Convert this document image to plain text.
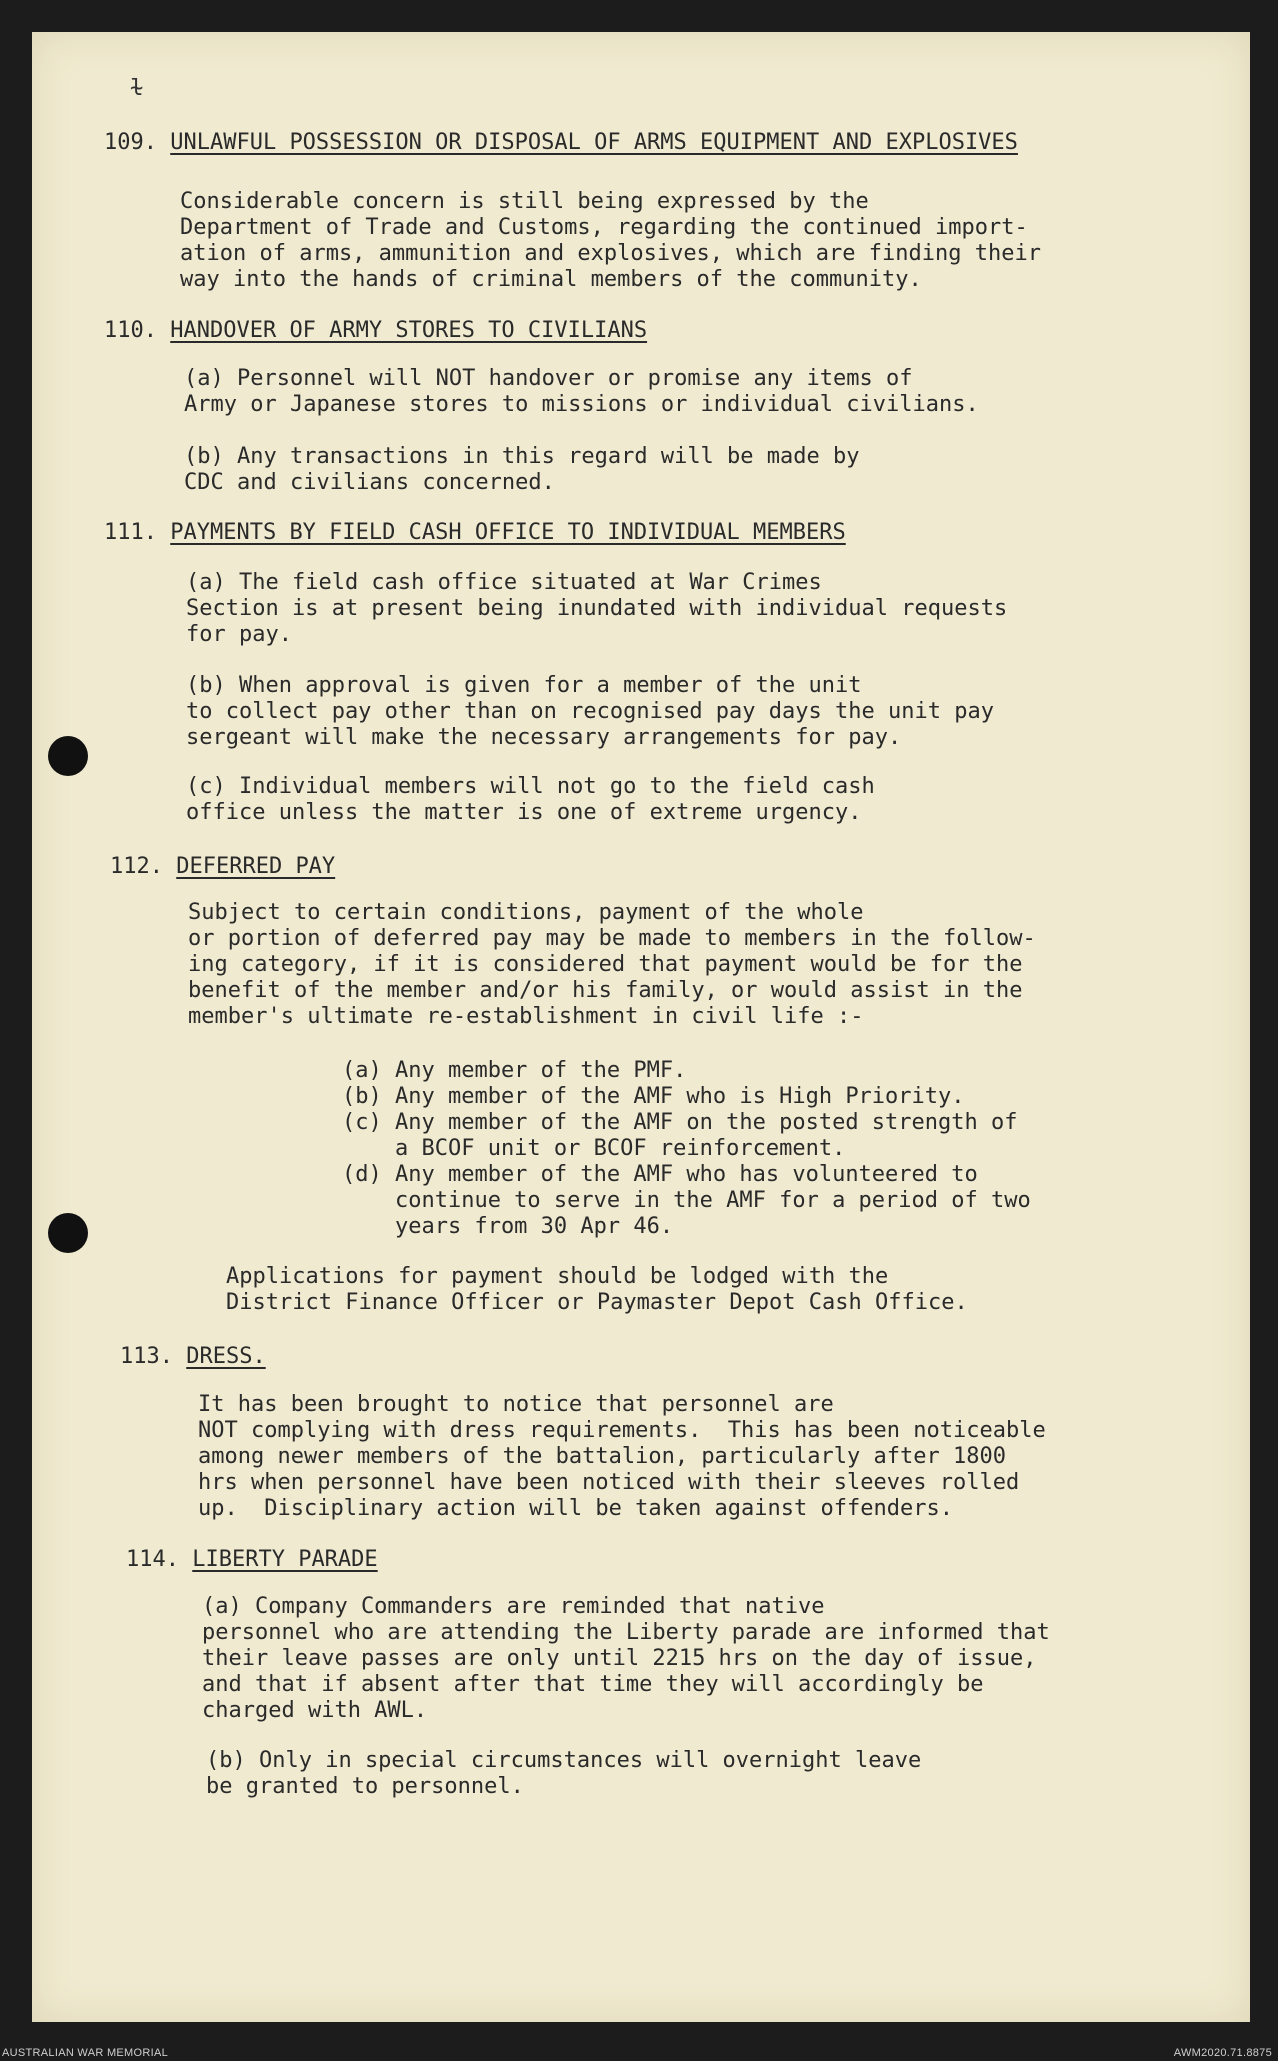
ɫ
109. UNLAWFUL POSSESSION OR DISPOSAL OF ARMS EQUIPMENT AND EXPLOSIVES
Considerable concern is still being expressed by the
Department of Trade and Customs, regarding the continued import-
ation of arms, ammunition and explosives, which are finding their
way into the hands of criminal members of the community.
110. HANDOVER OF ARMY STORES TO CIVILIANS
(a) Personnel will NOT handover or promise any items of
Army or Japanese stores to missions or individual civilians.
(b) Any transactions in this regard will be made by
CDC and civilians concerned.
111. PAYMENTS BY FIELD CASH OFFICE TO INDIVIDUAL MEMBERS
(a) The field cash office situated at War Crimes
Section is at present being inundated with individual requests
for pay.
(b) When approval is given for a member of the unit
to collect pay other than on recognised pay days the unit pay
sergeant will make the necessary arrangements for pay.
(c) Individual members will not go to the field cash
office unless the matter is one of extreme urgency.
112. DEFERRED PAY
Subject to certain conditions, payment of the whole
or portion of deferred pay may be made to members in the follow-
ing category, if it is considered that payment would be for the
benefit of the member and/or his family, or would assist in the
member's ultimate re-establishment in civil life :-
(a) Any member of the PMF.
(b) Any member of the AMF who is High Priority.
(c) Any member of the AMF on the posted strength of
a BCOF unit or BCOF reinforcement.
(d) Any member of the AMF who has volunteered to
continue to serve in the AMF for a period of two
years from 30 Apr 46.
Applications for payment should be lodged with the
District Finance Officer or Paymaster Depot Cash Office.
113. DRESS.
It has been brought to notice that personnel are
NOT complying with dress requirements.  This has been noticeable
among newer members of the battalion, particularly after 1800
hrs when personnel have been noticed with their sleeves rolled
up.  Disciplinary action will be taken against offenders.
114. LIBERTY PARADE
(a) Company Commanders are reminded that native
personnel who are attending the Liberty parade are informed that
their leave passes are only until 2215 hrs on the day of issue,
and that if absent after that time they will accordingly be
charged with AWL.
(b) Only in special circumstances will overnight leave
be granted to personnel.
AUSTRALIAN WAR MEMORIAL	AWM2020.71.8875
